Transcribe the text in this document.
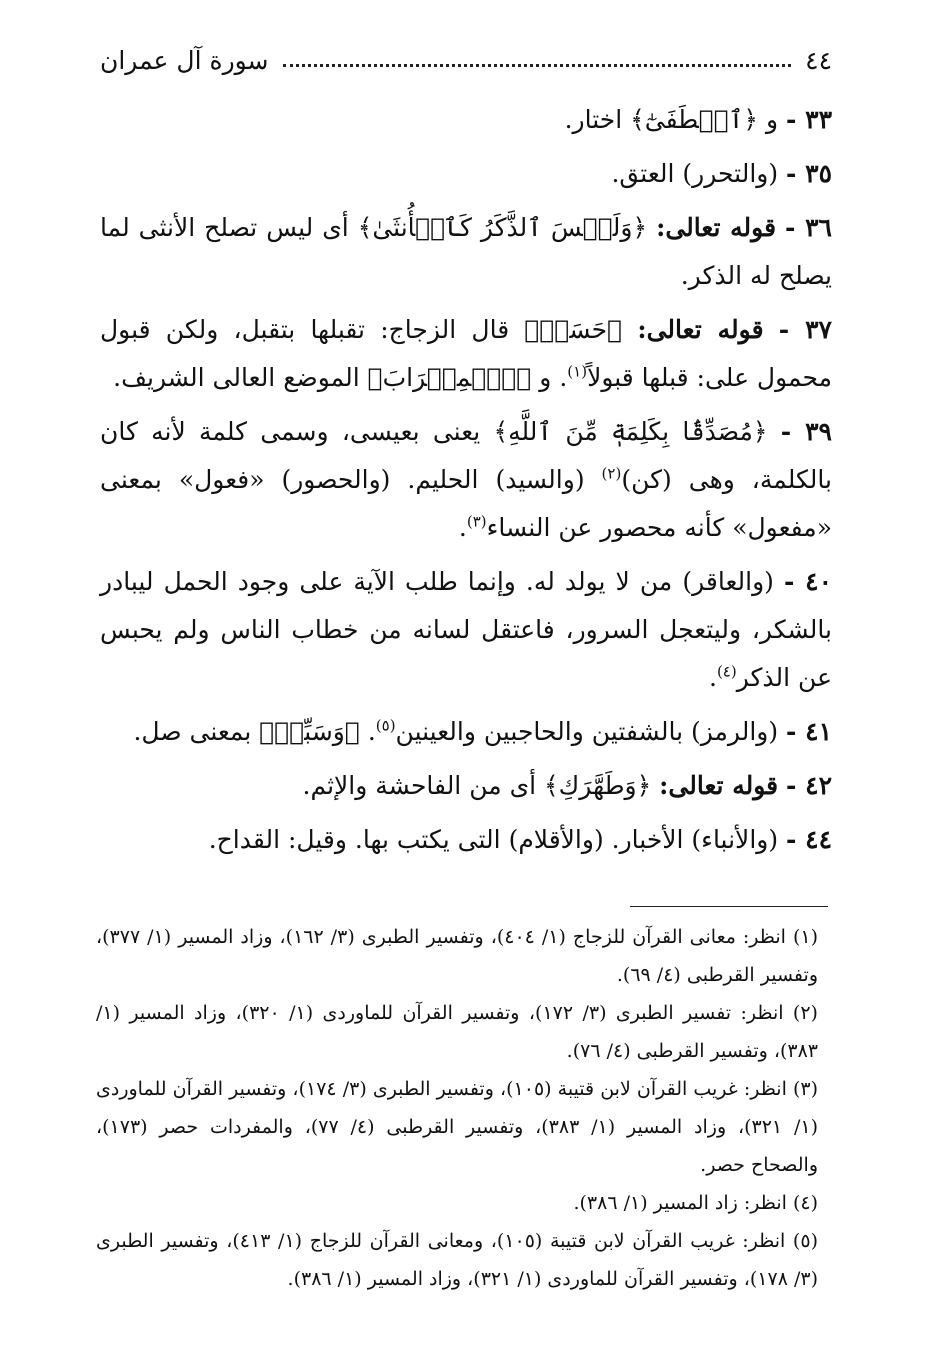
٤٤
سورة آل عمران

٣٣ - و ﴿ٱصۡطَفَىٰٓ﴾ اختار.

٣٥ - (والتحرر) العتق.

٣٦ - قوله تعالى: ﴿وَلَيۡسَ ٱلذَّكَرُ كَٱلۡأُنثَىٰ﴾ أى ليس تصلح الأنثى لما يصلح له الذكر.

٣٧ - قوله تعالى: ﴿حَسَنٖ﴾ قال الزجاج: تقبلها بتقبل، ولكن قبول محمول على: قبلها قبولاً$^{(١)}$. و ﴿ٱلۡمِحۡرَابَ﴾ الموضع العالى الشريف.

٣٩ - ﴿مُصَدِّقَۢا بِكَلِمَةٖ مِّنَ ٱللَّهِ﴾ يعنى بعيسى، وسمى كلمة لأنه كان بالكلمة، وهى (كن)$^{(٢)}$ (والسيد) الحليم. (والحصور) «فعول» بمعنى «مفعول» كأنه محصور عن النساء$^{(٣)}$.

٤٠ - (والعاقر) من لا يولد له. وإنما طلب الآية على وجود الحمل ليبادر بالشكر، وليتعجل السرور، فاعتقل لسانه من خطاب الناس ولم يحبس عن الذكر$^{(٤)}$.

٤١ - (والرمز) بالشفتين والحاجبين والعينين$^{(٥)}$. ﴿وَسَبِّحۡ﴾ بمعنى صل.

٤٢ - قوله تعالى: ﴿وَطَهَّرَكِ﴾ أى من الفاحشة والإثم.

٤٤ - (والأنباء) الأخبار. (والأقلام) التى يكتب بها. وقيل: القداح.

(١) انظر: معانى القرآن للزجاج (١/ ٤٠٤)، وتفسير الطبرى (٣/ ١٦٢)، وزاد المسير (١/ ٣٧٧)، وتفسير القرطبى (٤/ ٦٩).

(٢) انظر: تفسير الطبرى (٣/ ١٧٢)، وتفسير القرآن للماوردى (١/ ٣٢٠)، وزاد المسير (١/ ٣٨٣)، وتفسير القرطبى (٤/ ٧٦).

(٣) انظر: غريب القرآن لابن قتيبة (١٠٥)، وتفسير الطبرى (٣/ ١٧٤)، وتفسير القرآن للماوردى (١/ ٣٢١)، وزاد المسير (١/ ٣٨٣)، وتفسير القرطبى (٤/ ٧٧)، والمفردات حصر (١٧٣)، والصحاح حصر.

(٤) انظر: زاد المسير (١/ ٣٨٦).

(٥) انظر: غريب القرآن لابن قتيبة (١٠٥)، ومعانى القرآن للزجاج (١/ ٤١٣)، وتفسير الطبرى (٣/ ١٧٨)، وتفسير القرآن للماوردى (١/ ٣٢١)، وزاد المسير (١/ ٣٨٦).
